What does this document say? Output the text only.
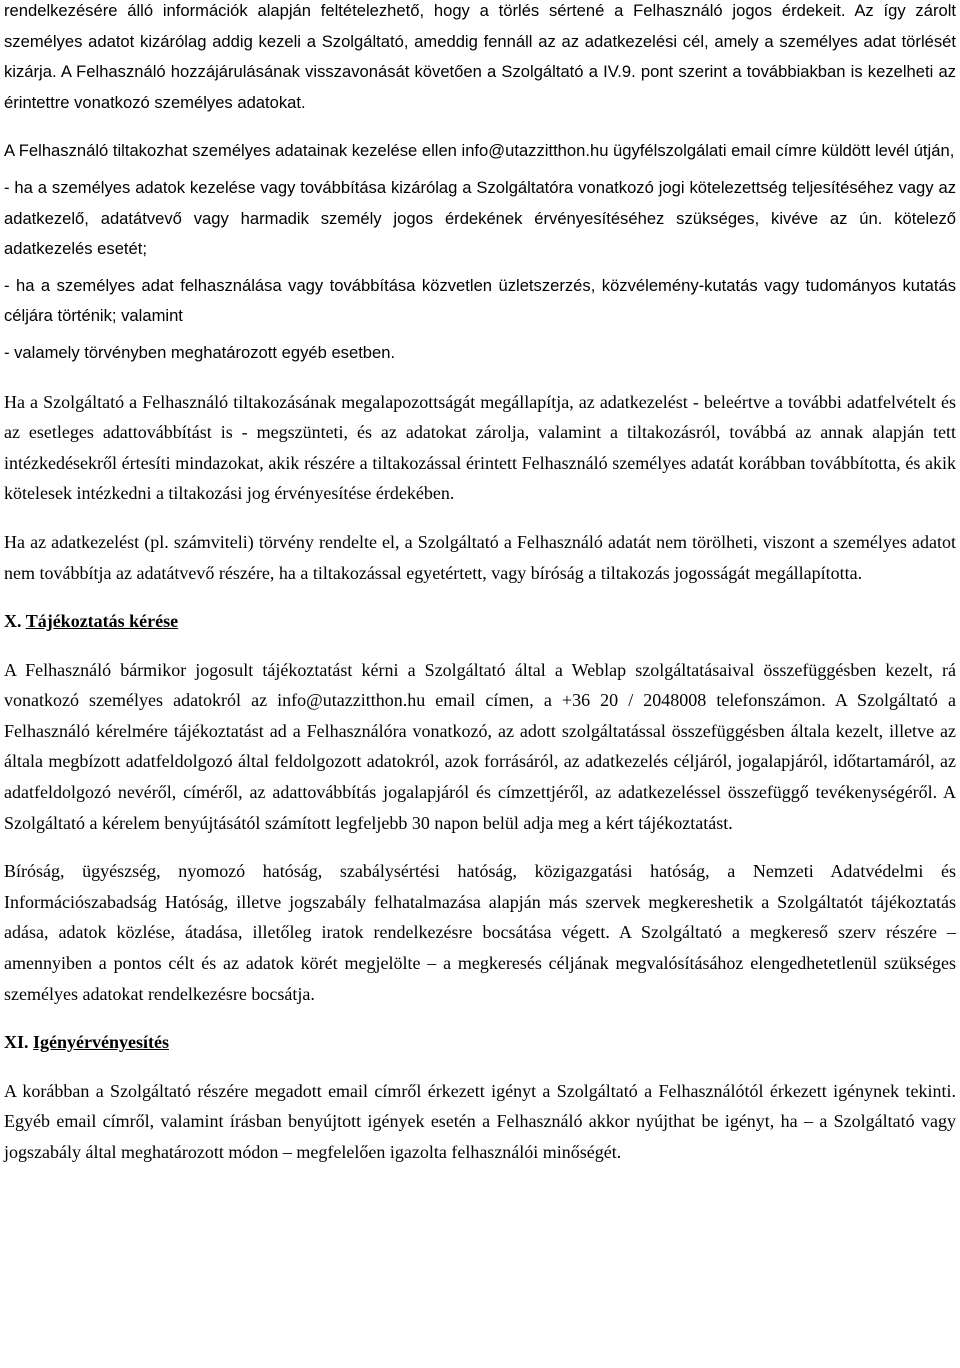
rendelkezésére álló információk alapján feltételezhető, hogy a törlés sértené a Felhasználó jogos érdekeit. Az így zárolt személyes adatot kizárólag addig kezeli a Szolgáltató, ameddig fennáll az az adatkezelési cél, amely a személyes adat törlését kizárja. A Felhasználó hozzájárulásának visszavonását követően a Szolgáltató a IV.9. pont szerint a továbbiakban is kezelheti az érintettre vonatkozó személyes adatokat.

A Felhasználó tiltakozhat személyes adatainak kezelése ellen info@utazzitthon.hu ügyfélszolgálati email címre küldött levél útján,

- ha a személyes adatok kezelése vagy továbbítása kizárólag a Szolgáltatóra vonatkozó jogi kötelezettség teljesítéséhez vagy az adatkezelő, adatátvevő vagy harmadik személy jogos érdekének érvényesítéséhez szükséges, kivéve az ún. kötelező adatkezelés esetét;

- ha a személyes adat felhasználása vagy továbbítása közvetlen üzletszerzés, közvélemény-kutatás vagy tudományos kutatás céljára történik; valamint

- valamely törvényben meghatározott egyéb esetben.

Ha a Szolgáltató a Felhasználó tiltakozásának megalapozottságát megállapítja, az adatkezelést - beleértve a további adatfelvételt és az esetleges adattovábbítást is - megszünteti, és az adatokat zárolja, valamint a tiltakozásról, továbbá az annak alapján tett intézkedésekről értesíti mindazokat, akik részére a tiltakozással érintett Felhasználó személyes adatát korábban továbbította, és akik kötelesek intézkedni a tiltakozási jog érvényesítése érdekében.

Ha az adatkezelést (pl. számviteli) törvény rendelte el, a Szolgáltató a Felhasználó adatát nem törölheti, viszont a személyes adatot nem továbbítja az adatátvevő részére, ha a tiltakozással egyetértett, vagy bíróság a tiltakozás jogosságát megállapította.

X. Tájékoztatás kérése

A Felhasználó bármikor jogosult tájékoztatást kérni a Szolgáltató által a Weblap szolgáltatásaival összefüggésben kezelt, rá vonatkozó személyes adatokról az info@utazzitthon.hu email címen, a +36 20 / 2048008 telefonszámon. A Szolgáltató a Felhasználó kérelmére tájékoztatást ad a Felhasználóra vonatkozó, az adott szolgáltatással összefüggésben általa kezelt, illetve az általa megbízott adatfeldolgozó által feldolgozott adatokról, azok forrásáról, az adatkezelés céljáról, jogalapjáról, időtartamáról, az adatfeldolgozó nevéről, címéről, az adattovábbítás jogalapjáról és címzettjéről, az adatkezeléssel összefüggő tevékenységéről. A Szolgáltató a kérelem benyújtásától számított legfeljebb 30 napon belül adja meg a kért tájékoztatást.

Bíróság, ügyészség, nyomozó hatóság, szabálysértési hatóság, közigazgatási hatóság, a Nemzeti Adatvédelmi és Információszabadság Hatóság, illetve jogszabály felhatalmazása alapján más szervek megkereshetik a Szolgáltatót tájékoztatás adása, adatok közlése, átadása, illetőleg iratok rendelkezésre bocsátása végett. A Szolgáltató a megkereső szerv részére – amennyiben a pontos célt és az adatok körét megjelölte – a megkeresés céljának megvalósításához elengedhetetlenül szükséges személyes adatokat rendelkezésre bocsátja.

XI. Igényérvényesítés

A korábban a Szolgáltató részére megadott email címről érkezett igényt a Szolgáltató a Felhasználótól érkezett igénynek tekinti. Egyéb email címről, valamint írásban benyújtott igények esetén a Felhasználó akkor nyújthat be igényt, ha – a Szolgáltató vagy jogszabály által meghatározott módon – megfelelően igazolta felhasználói minőségét.
